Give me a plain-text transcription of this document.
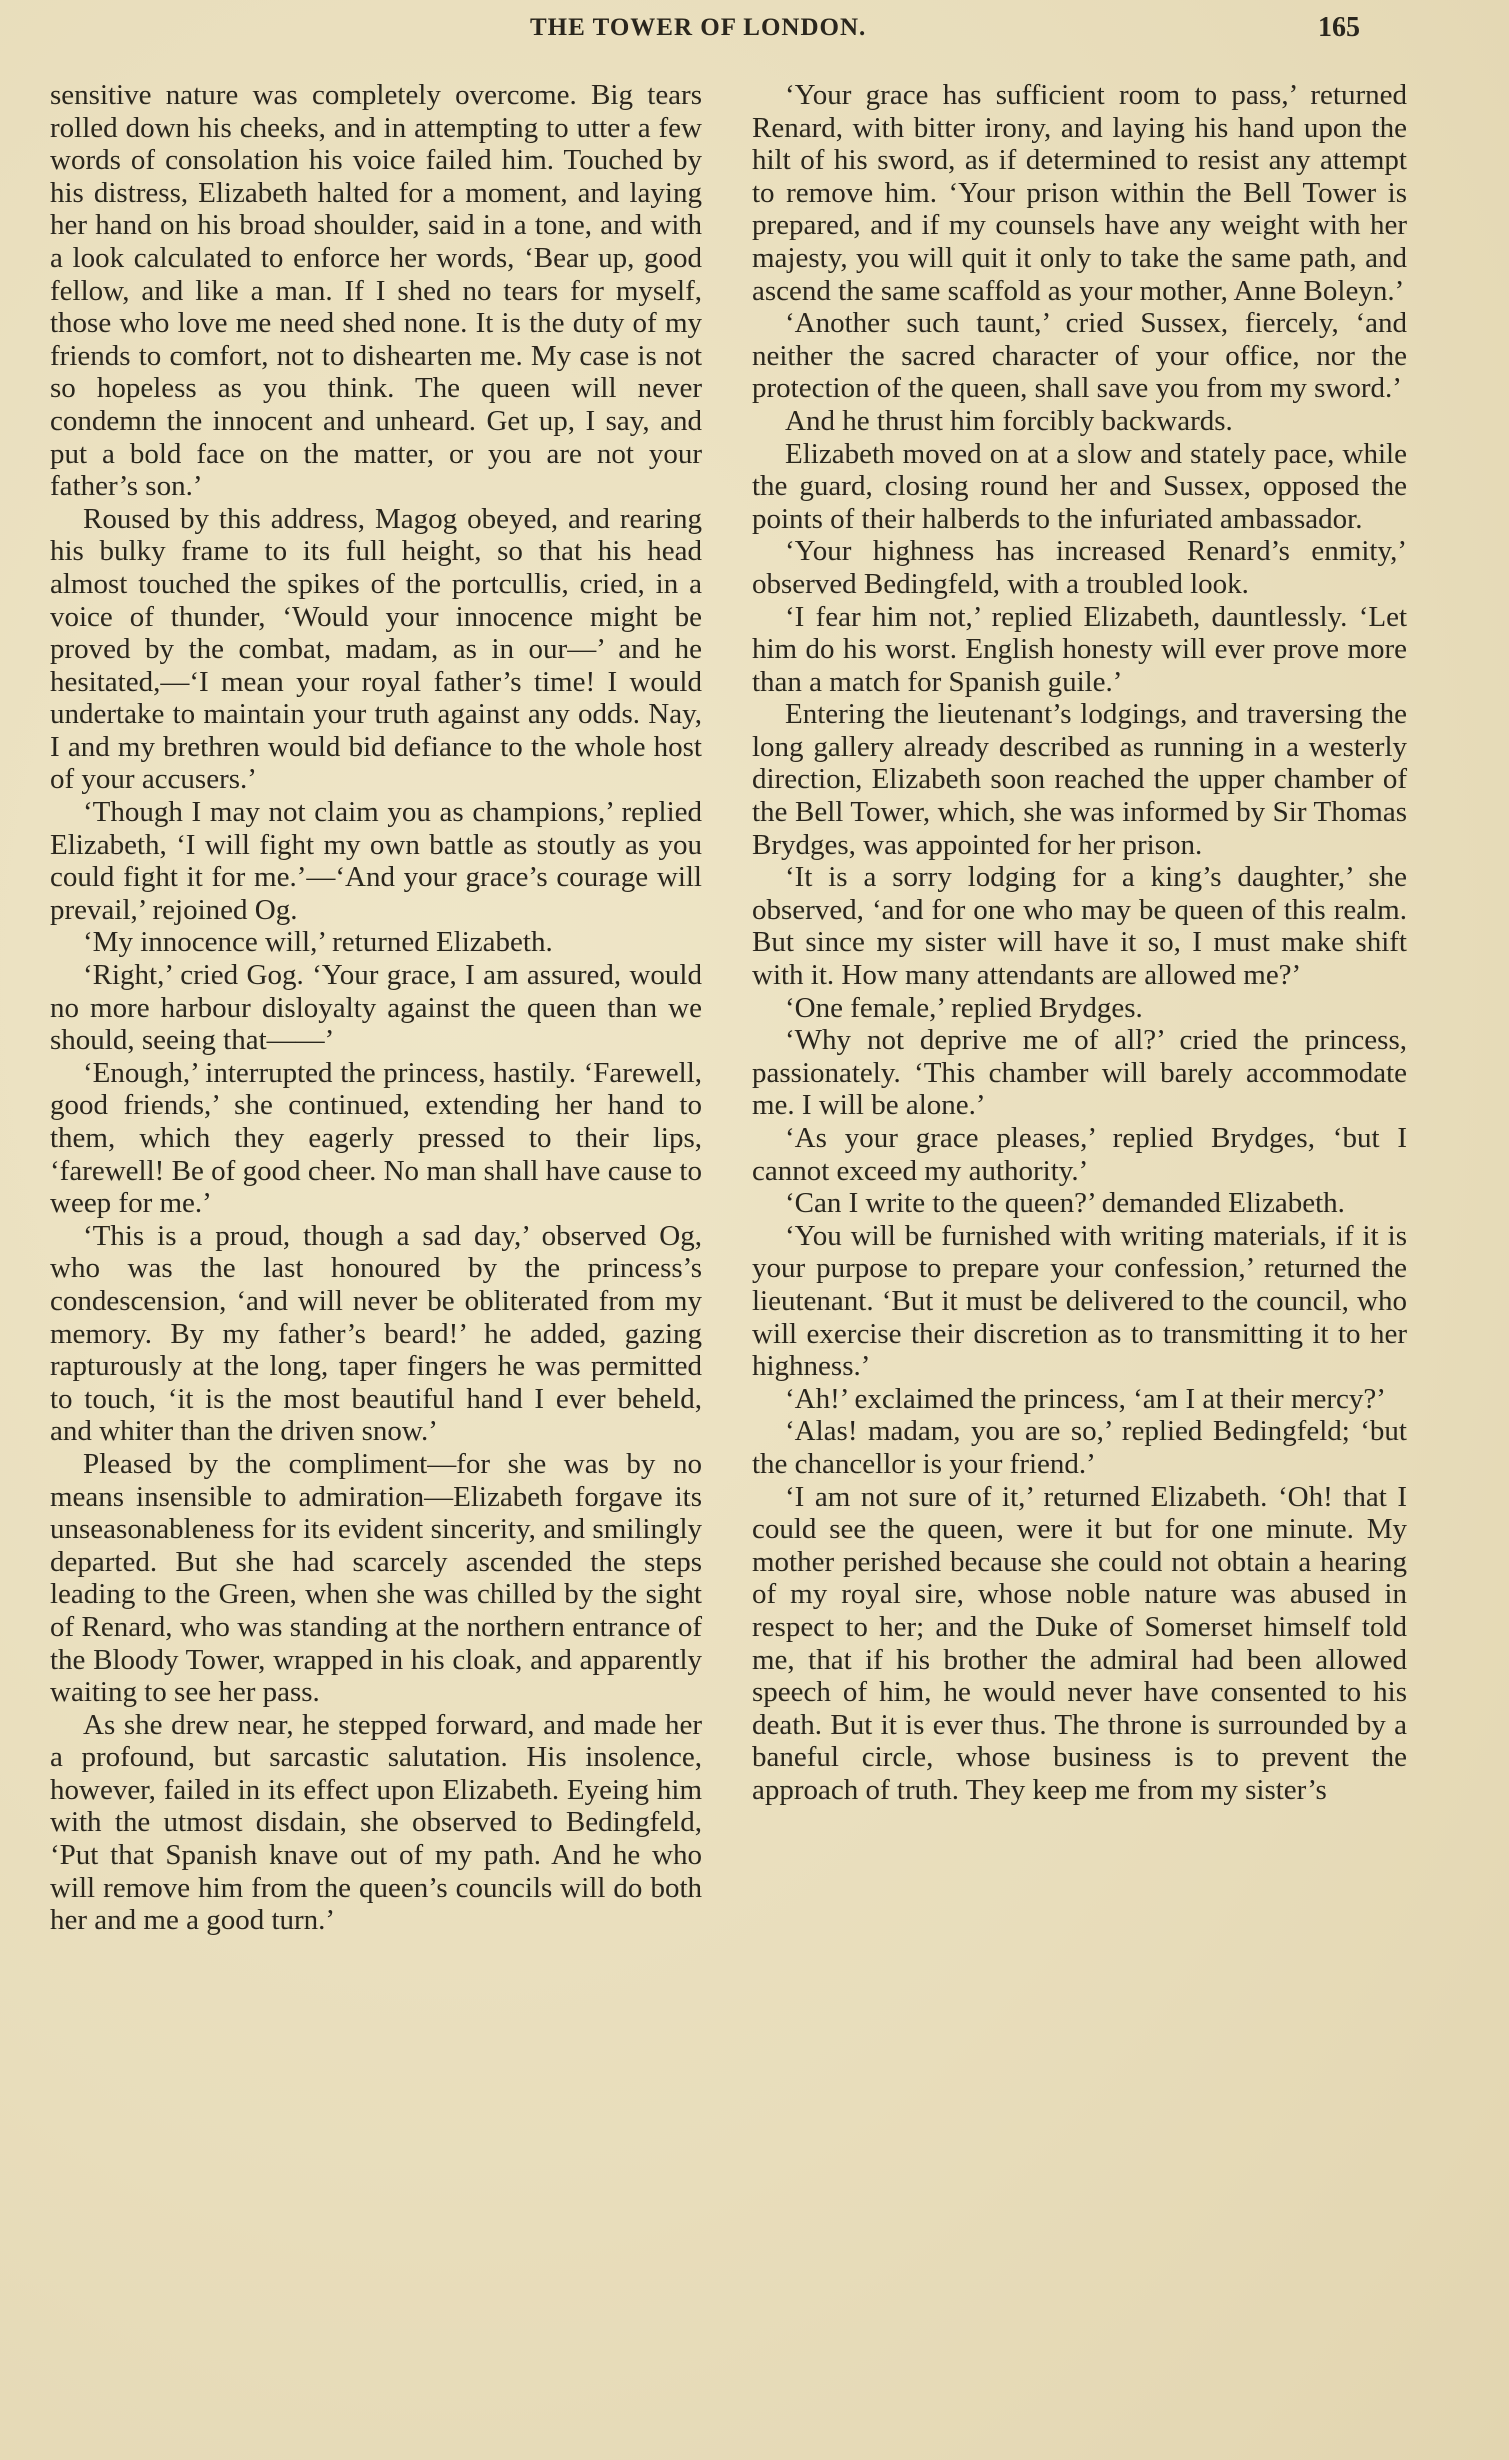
THE TOWER OF LONDON.	165

sensitive nature was completely overcome. Big tears rolled down his cheeks, and in attempting to utter a few words of consolation his voice failed him. Touched by his distress, Elizabeth halted for a moment, and laying her hand on his broad shoulder, said in a tone, and with a look calculated to enforce her words, ‘Bear up, good fellow, and like a man. If I shed no tears for myself, those who love me need shed none. It is the duty of my friends to comfort, not to dishearten me. My case is not so hopeless as you think. The queen will never condemn the innocent and unheard. Get up, I say, and put a bold face on the matter, or you are not your father’s son.’

Roused by this address, Magog obeyed, and rearing his bulky frame to its full height, so that his head almost touched the spikes of the portcullis, cried, in a voice of thunder, ‘Would your innocence might be proved by the combat, madam, as in our—’ and he hesitated,—‘I mean your royal father’s time! I would undertake to maintain your truth against any odds. Nay, I and my brethren would bid defiance to the whole host of your accusers.’

‘Though I may not claim you as champions,’ replied Elizabeth, ‘I will fight my own battle as stoutly as you could fight it for me.’—‘And your grace’s courage will prevail,’ rejoined Og.

‘My innocence will,’ returned Elizabeth.

‘Right,’ cried Gog. ‘Your grace, I am assured, would no more harbour disloyalty against the queen than we should, seeing that——’

‘Enough,’ interrupted the princess, hastily. ‘Farewell, good friends,’ she continued, extending her hand to them, which they eagerly pressed to their lips, ‘farewell! Be of good cheer. No man shall have cause to weep for me.’

‘This is a proud, though a sad day,’ observed Og, who was the last honoured by the princess’s condescension, ‘and will never be obliterated from my memory. By my father’s beard!’ he added, gazing rapturously at the long, taper fingers he was permitted to touch, ‘it is the most beautiful hand I ever beheld, and whiter than the driven snow.’

Pleased by the compliment—for she was by no means insensible to admiration—Elizabeth forgave its unseasonableness for its evident sincerity, and smilingly departed. But she had scarcely ascended the steps leading to the Green, when she was chilled by the sight of Renard, who was standing at the northern entrance of the Bloody Tower, wrapped in his cloak, and apparently waiting to see her pass.

As she drew near, he stepped forward, and made her a profound, but sarcastic salutation. His insolence, however, failed in its effect upon Elizabeth. Eyeing him with the utmost disdain, she observed to Bedingfeld, ‘Put that Spanish knave out of my path. And he who will remove him from the queen’s councils will do both her and me a good turn.’

‘Your grace has sufficient room to pass,’ returned Renard, with bitter irony, and laying his hand upon the hilt of his sword, as if determined to resist any attempt to remove him. ‘Your prison within the Bell Tower is prepared, and if my counsels have any weight with her majesty, you will quit it only to take the same path, and ascend the same scaffold as your mother, Anne Boleyn.’

‘Another such taunt,’ cried Sussex, fiercely, ‘and neither the sacred character of your office, nor the protection of the queen, shall save you from my sword.’

And he thrust him forcibly backwards.

Elizabeth moved on at a slow and stately pace, while the guard, closing round her and Sussex, opposed the points of their halberds to the infuriated ambassador.

‘Your highness has increased Renard’s enmity,’ observed Bedingfeld, with a troubled look.

‘I fear him not,’ replied Elizabeth, dauntlessly. ‘Let him do his worst. English honesty will ever prove more than a match for Spanish guile.’

Entering the lieutenant’s lodgings, and traversing the long gallery already described as running in a westerly direction, Elizabeth soon reached the upper chamber of the Bell Tower, which, she was informed by Sir Thomas Brydges, was appointed for her prison.

‘It is a sorry lodging for a king’s daughter,’ she observed, ‘and for one who may be queen of this realm. But since my sister will have it so, I must make shift with it. How many attendants are allowed me?’

‘One female,’ replied Brydges.

‘Why not deprive me of all?’ cried the princess, passionately. ‘This chamber will barely accommodate me. I will be alone.’

‘As your grace pleases,’ replied Brydges, ‘but I cannot exceed my authority.’

‘Can I write to the queen?’ demanded Elizabeth.

‘You will be furnished with writing materials, if it is your purpose to prepare your confession,’ returned the lieutenant. ‘But it must be delivered to the council, who will exercise their discretion as to transmitting it to her highness.’

‘Ah!’ exclaimed the princess, ‘am I at their mercy?’

‘Alas! madam, you are so,’ replied Bedingfeld; ‘but the chancellor is your friend.’

‘I am not sure of it,’ returned Elizabeth. ‘Oh! that I could see the queen, were it but for one minute. My mother perished because she could not obtain a hearing of my royal sire, whose noble nature was abused in respect to her; and the Duke of Somerset himself told me, that if his brother the admiral had been allowed speech of him, he would never have consented to his death. But it is ever thus. The throne is surrounded by a baneful circle, whose business is to prevent the approach of truth. They keep me from my sister’s
